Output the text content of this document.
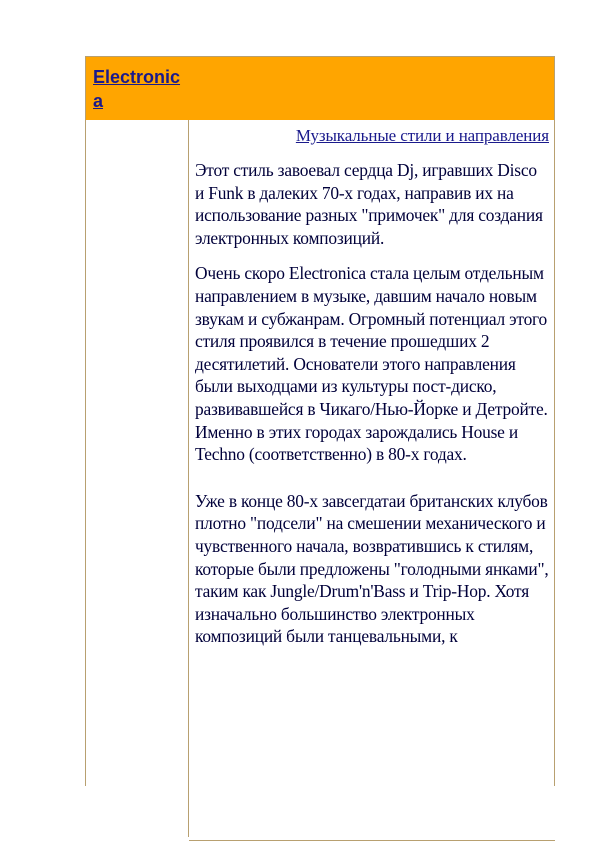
Electronica
Музыкальные стили и направления

Этот стиль завоевал сердца Dj, игравших Disco и Funk в далеких 70-х годах, направив их на использование разных "примочек" для создания электронных композиций.

Очень скоро Electronica стала целым отдельным направлением в музыке, давшим начало новым звукам и субжанрам. Огромный потенциал этого стиля проявился в течение прошедших 2 десятилетий. Основатели этого направления были выходцами из культуры пост-диско, развивавшейся в Чикаго/Нью-Йорке и Детройте. Именно в этих городах зарождались House и Techno (соответственно) в 80-х годах.

Уже в конце 80-х завсегдатаи британских клубов плотно "подсели" на смешении механического и чувственного начала, возвратившись к стилям, которые были предложены "голодными янками", таким как Jungle/Drum'n'Bass и Trip-Hop. Хотя изначально большинство электронных композиций были танцевальными, к
